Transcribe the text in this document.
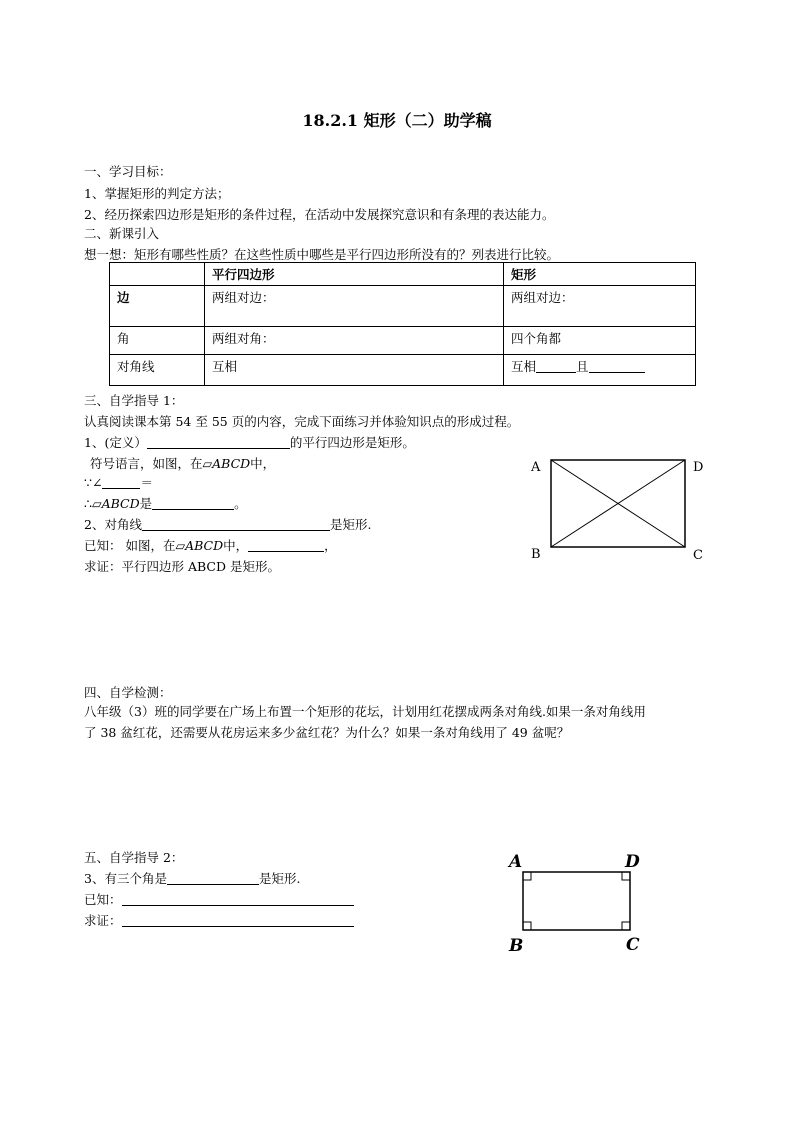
18.2.1 矩形（二）助学稿
一、学习目标：
1、掌握矩形的判定方法；
2、经历探索四边形是矩形的条件过程，在活动中发展探究意识和有条理的表达能力。
二、新课引入
想一想：矩形有哪些性质？在这些性质中哪些是平行四边形所没有的？列表进行比较。
	平行四边形	矩形
边	两组对边：	两组对边：
角	两组对角：	四个角都
对角线	互相	互相 且
三、自学指导 1：
认真阅读课本第 54 至 55 页的内容，完成下面练习并体验知识点的形成过程。
1、(定义）	的平行四边形是矩形。
符号语言，如图，在▱ABCD中，
∵∠	＝
∴▱ABCD是	。
2、对角线	是矩形.
已知： 如图，在▱ABCD中，	，
求证：平行四边形 ABCD 是矩形。
A	D
B	C
四、自学检测：
八年级（3）班的同学要在广场上布置一个矩形的花坛，计划用红花摆成两条对角线.如果一条对角线用
了 38 盆红花，还需要从花房运来多少盆红花？为什么？如果一条对角线用了 49 盆呢？
五、自学指导 2：
3、有三个角是	是矩形.
已知：
求证：
A	D
B	C
